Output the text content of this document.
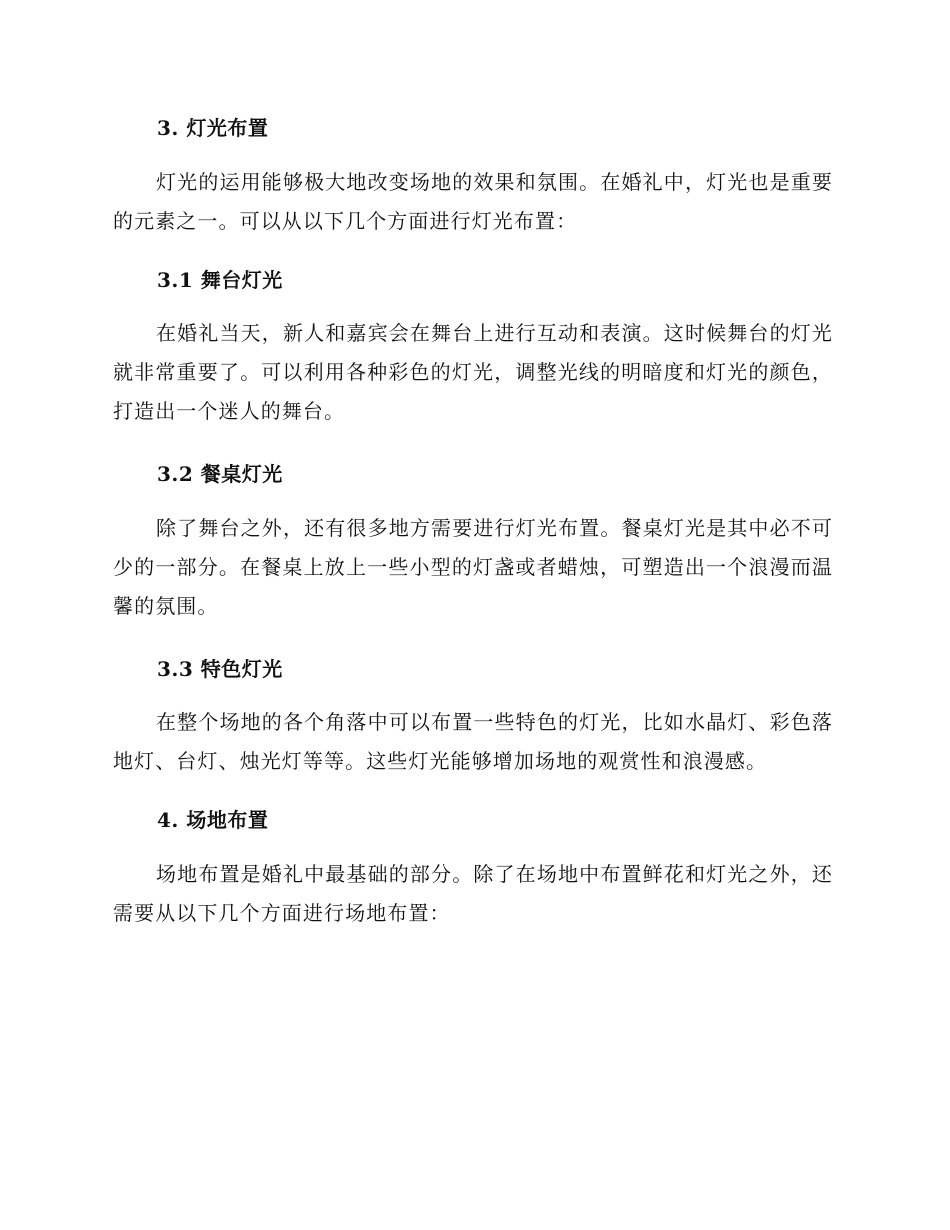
3. 灯光布置

灯光的运用能够极大地改变场地的效果和氛围。在婚礼中，灯光也是重要的元素之一。可以从以下几个方面进行灯光布置：

3.1 舞台灯光

在婚礼当天，新人和嘉宾会在舞台上进行互动和表演。这时候舞台的灯光就非常重要了。可以利用各种彩色的灯光，调整光线的明暗度和灯光的颜色，打造出一个迷人的舞台。

3.2 餐桌灯光

除了舞台之外，还有很多地方需要进行灯光布置。餐桌灯光是其中必不可少的一部分。在餐桌上放上一些小型的灯盏或者蜡烛，可塑造出一个浪漫而温馨的氛围。

3.3 特色灯光

在整个场地的各个角落中可以布置一些特色的灯光，比如水晶灯、彩色落地灯、台灯、烛光灯等等。这些灯光能够增加场地的观赏性和浪漫感。

4. 场地布置

场地布置是婚礼中最基础的部分。除了在场地中布置鲜花和灯光之外，还需要从以下几个方面进行场地布置：
